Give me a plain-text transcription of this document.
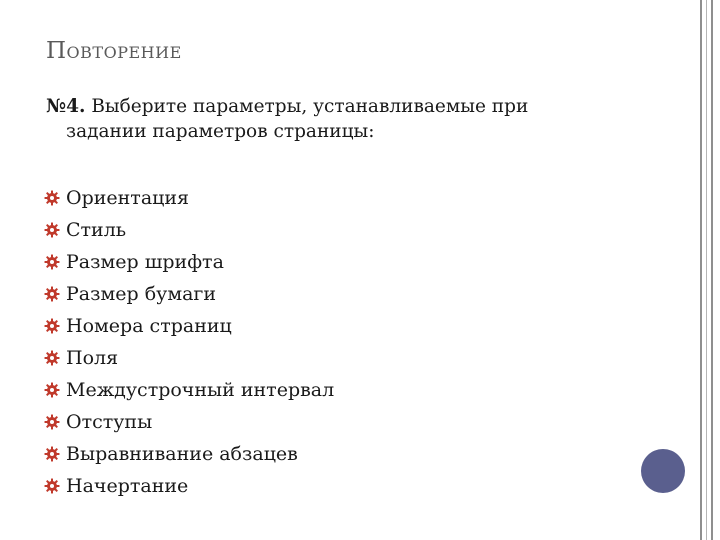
Повторение
№4. Выберите параметры, устанавливаемые при
задании параметров страницы:
Ориентация
Стиль
Размер шрифта
Размер бумаги
Номера страниц
Поля
Междустрочный интервал
Отступы
Выравнивание абзацев
Начертание
